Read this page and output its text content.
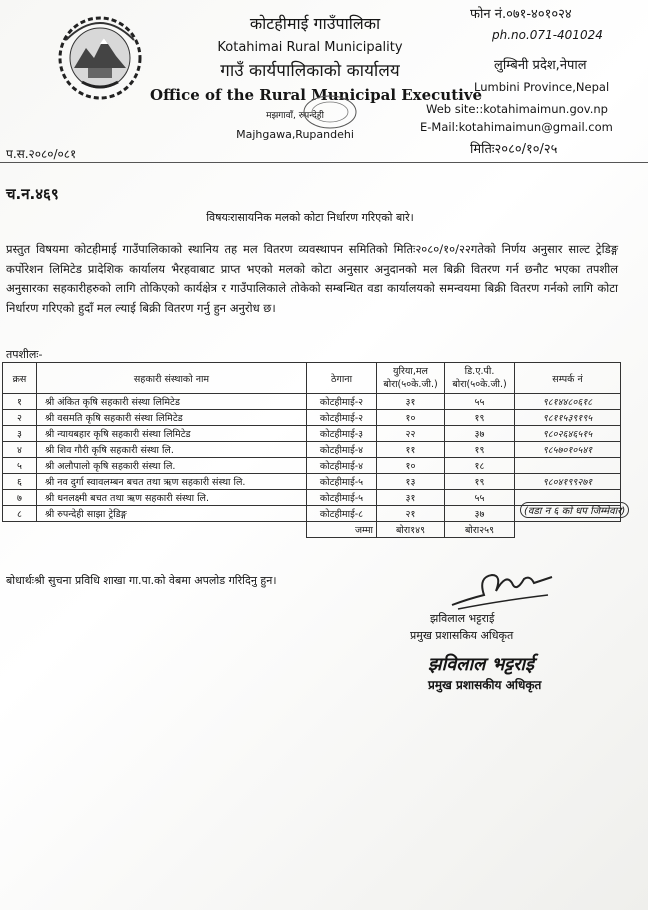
कोटहीमाई गाउँपालिका
Kotahimai Rural Municipality
गाउँ कार्यपालिकाको कार्यालय
Office of the Rural Municipal Executive
मझगावाँ, रुपन्देही
Majhgawa,Rupandehi
फोन नं.०७१-४०१०२४
ph.no.071-401024
लुम्बिनी प्रदेश,नेपाल
Lumbini Province,Nepal
Web site::kotahimaimun.gov.np
E-Mail:kotahimaimun@gmail.com
प.स.२०८०/०८१	मितिः२०८०/१०/२५
च.न.४६९
विषयःरासायनिक मलको कोटा निर्धारण गरिएको बारे।
प्रस्तुत विषयमा कोटहीमाई गाउँपालिकाको स्थानिय तह मल वितरण व्यवस्थापन समितिको मितिः२०८०/१०/२२गतेको निर्णय अनुसार साल्ट ट्रेडिङ्ग कर्पोरेशन लिमिटेड प्रादेशिक कार्यालय भैरहवाबाट प्राप्त भएको मलको कोटा अनुसार अनुदानको मल बिक्री वितरण गर्न छनौट भएका तपशील अनुसारका सहकारीहरुको लागि तोकिएको कार्यक्षेत्र र गाउँपालिकाले तोकेको सम्बन्धित वडा कार्यालयको समन्वयमा बिक्री वितरण गर्नको लागि कोटा निर्धारण गरिएको हुदाँ मल ल्याई बिक्री वितरण गर्नु हुन अनुरोध छ।
तपशीलः-
क्रस	सहकारी संस्थाको नाम	ठेगाना	युरिया,मल बोरा(५०के.जी.)	डि.ए.पी. बोरा(५०के.जी.)	सम्पर्क नं
१	श्री अंकित कृषि सहकारी संस्था लिमिटेड	कोटहीमाई-२	३१	५५	९८१४४८०६१८
२	श्री वसमति कृषि सहकारी संस्था लिमिटेड	कोटहीमाई-२	१०	१९	९८११५३९१९५
३	श्री न्यायबहार कृषि सहकारी संस्था लिमिटेड	कोटहीमाई-३	२२	३७	९८०२६४६५१५
४	श्री शिव गौरी कृषि सहकारी संस्था लि.	कोटहीमाई-४	११	१९	९८५७०१०५४१
५	श्री अलौपालो कृषि सहकारी संस्था लि.	कोटहीमाई-४	१०	१८	
६	श्री नव दुर्गा स्वावलम्बन बचत तथा ऋण सहकारी संस्था लि.	कोटहीमाई-५	१३	१९	९८०४१९९२७१
७	श्री धनलक्ष्मी बचत तथा ऋण सहकारी संस्था लि.	कोटहीमाई-५	३१	५५	
८	श्री रुपन्देही साझा ट्रेडिङ्ग	कोटहीमाई-८	२१	३७	
		जम्मा	बोरा१४९	बोरा२५९	
(वडा न ६ को धप जिम्मेवार)
बोधार्थःश्री सुचना प्रविधि शाखा गा.पा.को वेबमा अपलोड गरिदिनु हुन।
झविलाल भट्टराई
प्रमुख प्रशासकिय अधिकृत
झविलाल भट्टराई
प्रमुख प्रशासकीय अधिकृत
